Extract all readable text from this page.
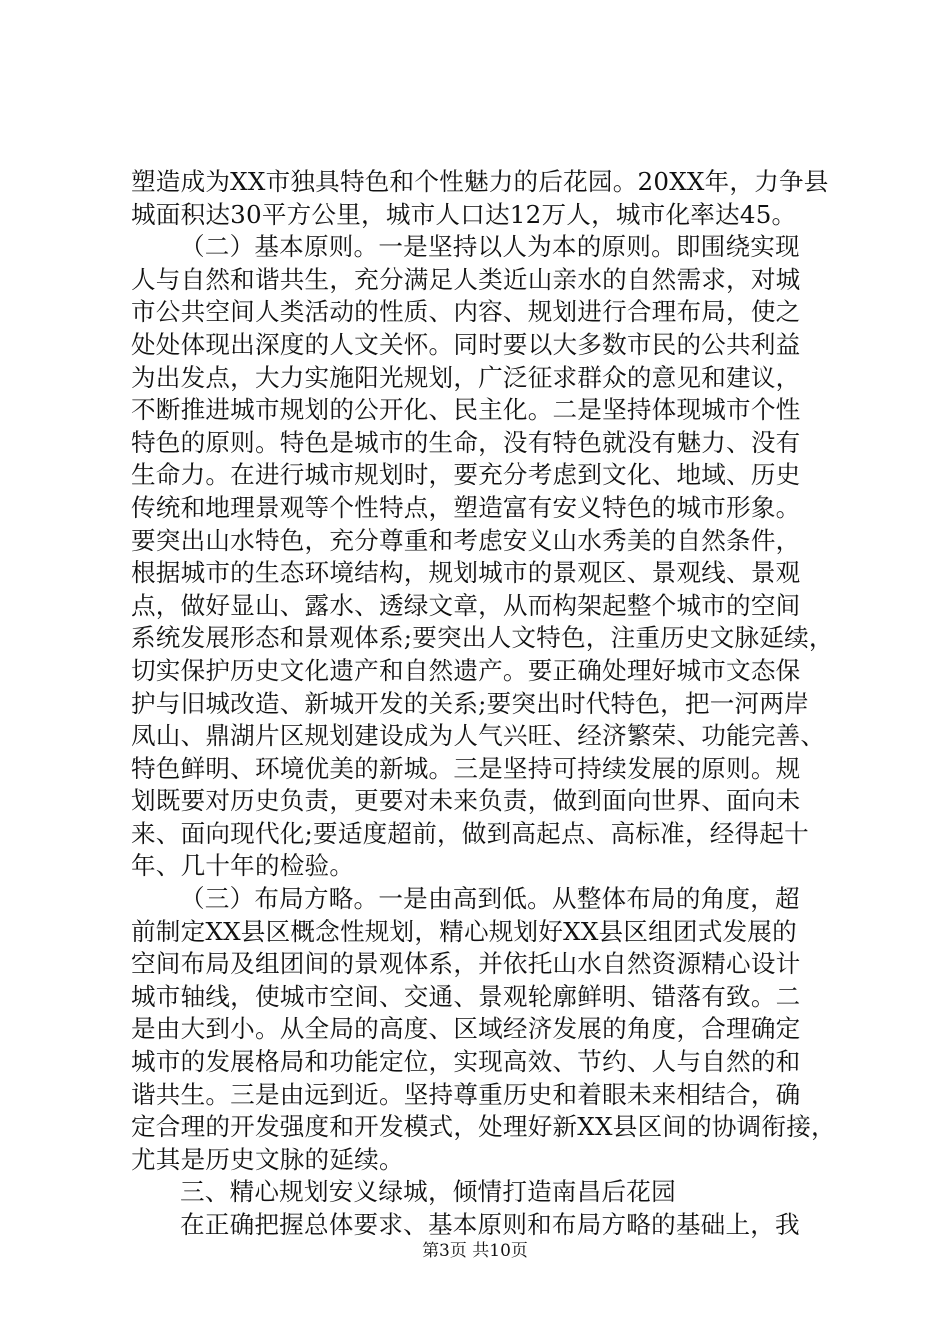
塑造成为XX市独具特色和个性魅力的后花园。20XX年，力争县
城面积达30平方公里，城市人口达12万人，城市化率达45。
（二）基本原则。一是坚持以人为本的原则。即围绕实现
人与自然和谐共生，充分满足人类近山亲水的自然需求，对城
市公共空间人类活动的性质、内容、规划进行合理布局，使之
处处体现出深度的人文关怀。同时要以大多数市民的公共利益
为出发点，大力实施阳光规划，广泛征求群众的意见和建议，
不断推进城市规划的公开化、民主化。二是坚持体现城市个性
特色的原则。特色是城市的生命，没有特色就没有魅力、没有
生命力。在进行城市规划时，要充分考虑到文化、地域、历史
传统和地理景观等个性特点，塑造富有安义特色的城市形象。
要突出山水特色，充分尊重和考虑安义山水秀美的自然条件，
根据城市的生态环境结构，规划城市的景观区、景观线、景观
点，做好显山、露水、透绿文章，从而构架起整个城市的空间
系统发展形态和景观体系;要突出人文特色，注重历史文脉延续，
切实保护历史文化遗产和自然遗产。要正确处理好城市文态保
护与旧城改造、新城开发的关系;要突出时代特色，把一河两岸
凤山、鼎湖片区规划建设成为人气兴旺、经济繁荣、功能完善、
特色鲜明、环境优美的新城。三是坚持可持续发展的原则。规
划既要对历史负责，更要对未来负责，做到面向世界、面向未
来、面向现代化;要适度超前，做到高起点、高标准，经得起十
年、几十年的检验。
（三）布局方略。一是由高到低。从整体布局的角度，超
前制定XX县区概念性规划，精心规划好XX县区组团式发展的
空间布局及组团间的景观体系，并依托山水自然资源精心设计
城市轴线，使城市空间、交通、景观轮廓鲜明、错落有致。二
是由大到小。从全局的高度、区域经济发展的角度，合理确定
城市的发展格局和功能定位，实现高效、节约、人与自然的和
谐共生。三是由远到近。坚持尊重历史和着眼未来相结合，确
定合理的开发强度和开发模式，处理好新XX县区间的协调衔接，
尤其是历史文脉的延续。
三、精心规划安义绿城，倾情打造南昌后花园
在正确把握总体要求、基本原则和布局方略的基础上，我
第3页 共10页
